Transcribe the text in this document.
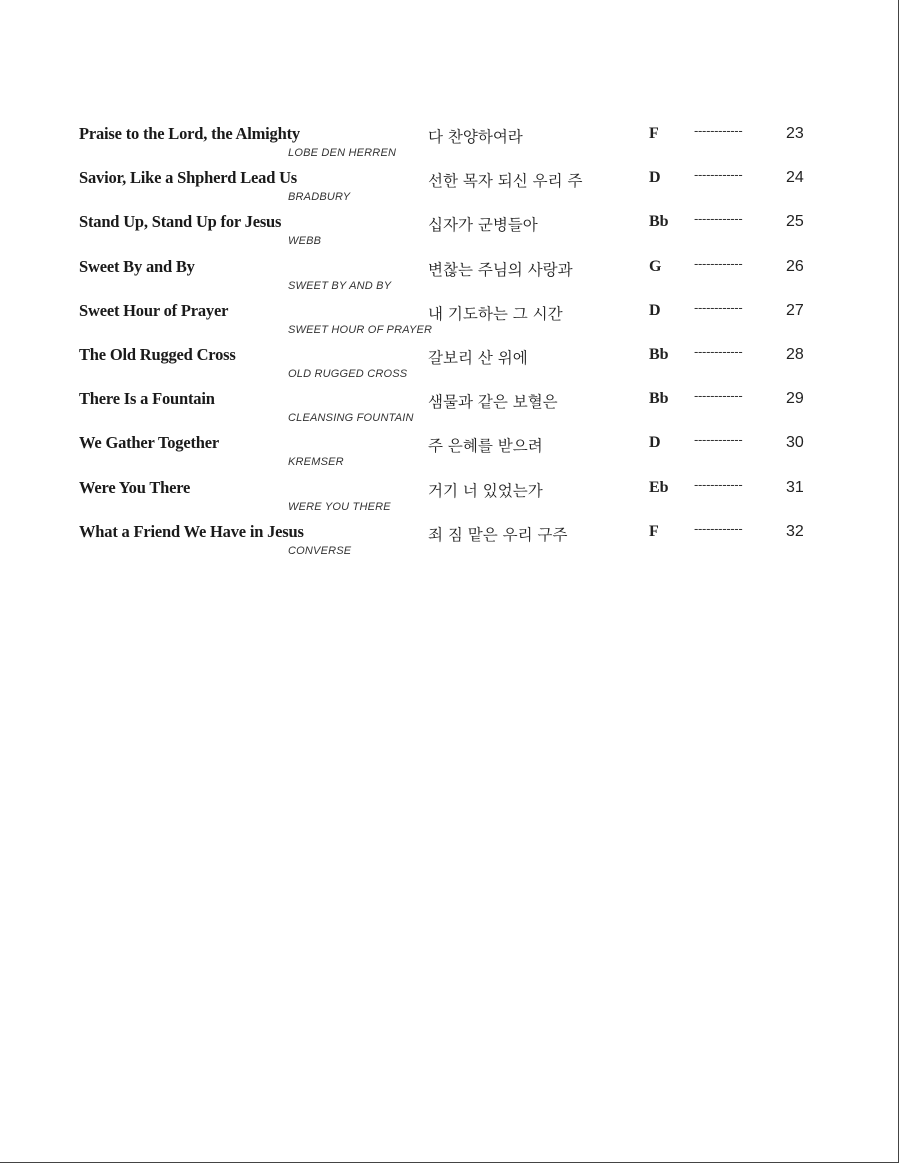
Praise to the Lord, the Almighty
LOBE DEN HERREN
다 찬양하여라	F	------------	23
Savior, Like a Shpherd Lead Us
BRADBURY
선한 목자 되신 우리 주	D	------------	24
Stand Up, Stand Up for Jesus
WEBB
십자가 군병들아	Bb	------------	25
Sweet By and By
SWEET BY AND BY
변찮는 주님의 사랑과	G	------------	26
Sweet Hour of Prayer
SWEET HOUR OF PRAYER
내 기도하는 그 시간	D	------------	27
The Old Rugged Cross
OLD RUGGED CROSS
갈보리 산 위에	Bb	------------	28
There Is a Fountain
CLEANSING FOUNTAIN
샘물과 같은 보혈은	Bb	------------	29
We Gather Together
KREMSER
주 은혜를 받으려	D	------------	30
Were You There
WERE YOU THERE
거기 너 있었는가	Eb	------------	31
What a Friend We Have in Jesus
CONVERSE
죄 짐 맡은 우리 구주	F	------------	32
